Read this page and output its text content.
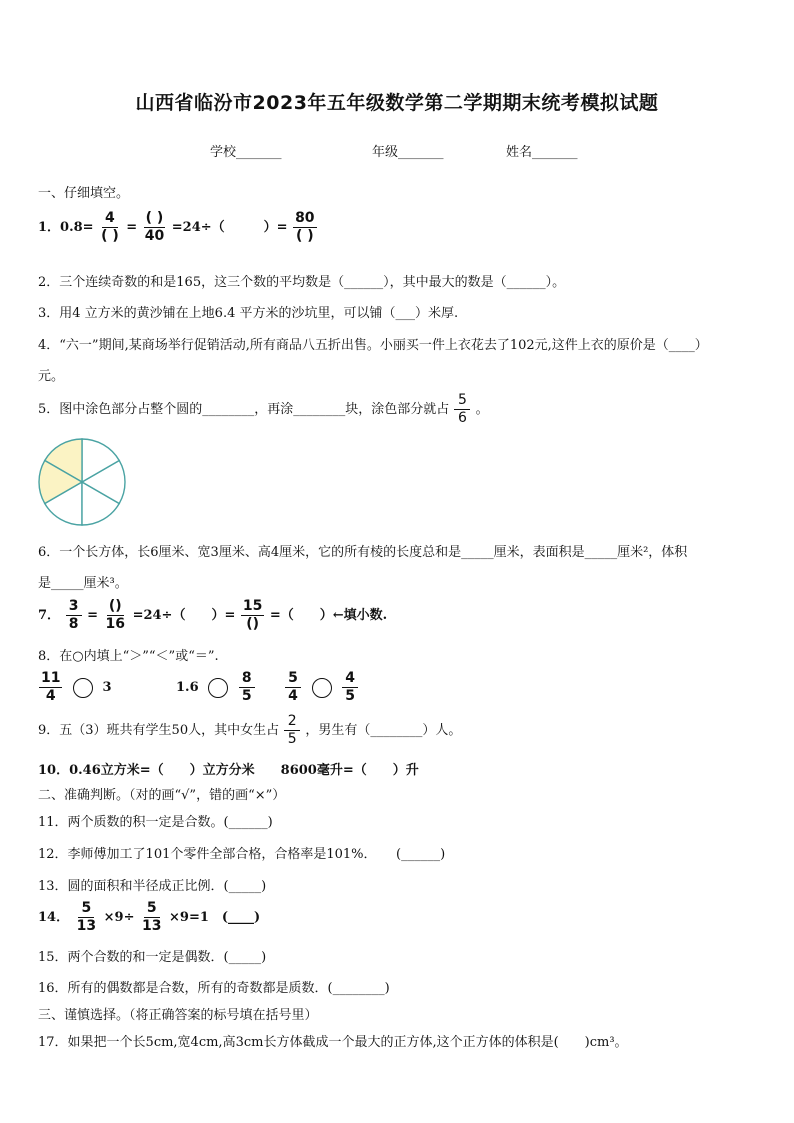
山西省临汾市2023年五年级数学第二学期期末统考模拟试题
学校_______	年级_______	姓名_______
一、仔细填空。
1．$0.8= \frac{4}{( )} = \frac{( )}{40} =24\div$（　　　）= $\frac{80}{( )}$
2．三个连续奇数的和是165，这三个数的平均数是（______），其中最大的数是（______）。
3．用4 立方米的黄沙铺在上地6.4 平方米的沙坑里，可以铺（___）米厚.
4．“六一”期间,某商场举行促销活动,所有商品八五折出售。小丽买一件上衣花去了102元,这件上衣的原价是（____）
元。
5．图中涂色部分占整个圆的________，再涂________块，涂色部分就占 $\frac{5}{6}$ 。
6．一个长方体，长6厘米、宽3厘米、高4厘米，它的所有棱的长度总和是_____厘米，表面积是_____厘米²，体积
是_____厘米³。
7． $\frac{3}{8} = \frac{()}{16} =24\div$（　　）= $\frac{15}{()}$ =（　　）←填小数.
8．在○内填上“＞”“＜”或“＝”.
$\frac{11}{4}$	3	1.6	$\frac{8}{5} \frac{5}{4}$
	$\frac{4}{5}$
9．五（3）班共有学生50人，其中女生占 $\frac{2}{5}$ ，男生有（________）人。
10．0.46立方米=（　　）立方分米　　8600毫升=（　　）升
二、准确判断。（对的画“√”，错的画“×”）
11．两个质数的积一定是合数。(______)
12．李师傅加工了101个零件全部合格，合格率是101%．　　(______)
13．圆的面积和半径成正比例．(_____)
14． $\frac{5}{13} \times 9\div \frac{5}{13} \times 9=1$　(____)
15．两个合数的和一定是偶数．(_____)
16．所有的偶数都是合数，所有的奇数都是质数．(________)
三、谨慎选择。（将正确答案的标号填在括号里）
17．如果把一个长5cm,宽4cm,高3cm长方体截成一个最大的正方体,这个正方体的体积是(　　)cm³。
